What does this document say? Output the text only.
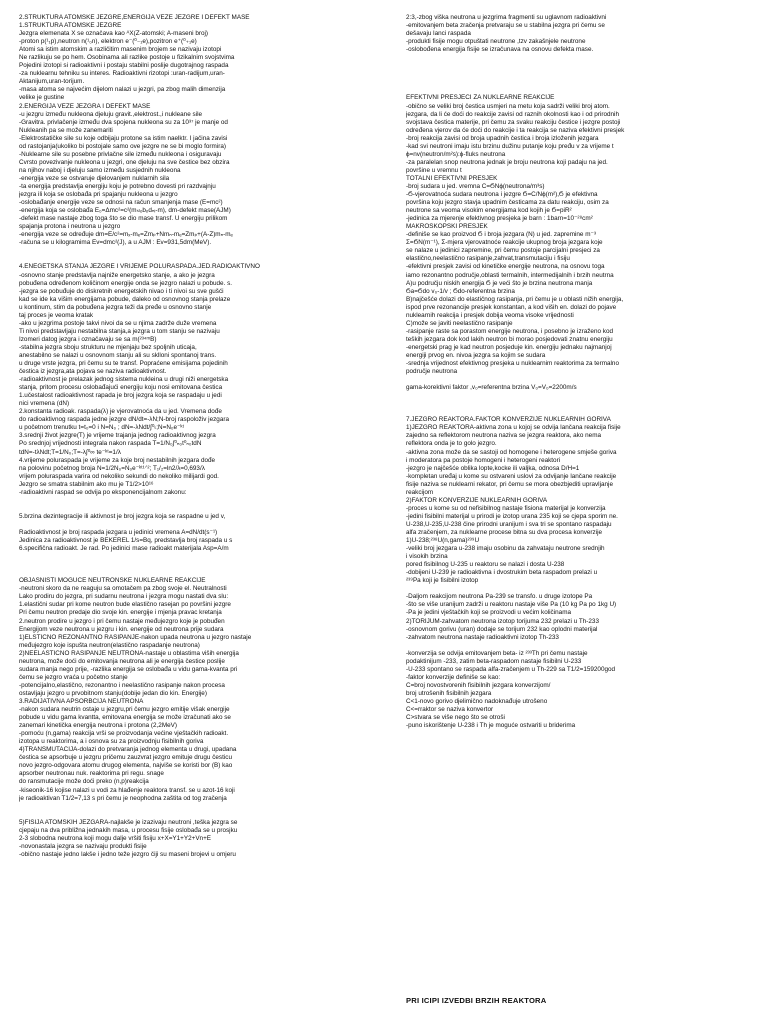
2.STRUKTURA ATOMSKE JEZGRE,ENERGIJA VEZE JEZGRE I DEFEKT MASE
1.STRUKTURA ATOMSKE JEZGRE
Jezgra elemenata X se označava kao ᴬX(Z-atomski; A-maseni broj)
-proton p(¹₁p),neutron n(¹₀n), elektron e⁻(⁰₋₁e),pozitron e⁺(⁰₊₁e)
Atomi sa istim atomskim a različitim masenim brojem se nazivaju izotopi
Ne razlikuju se po hem. Osobinama ali razlike postoje u fizikalnim svojstvima
Pojedini izotopi si radioaktivni i postaju stabilni poslije dugotrajnog raspada
-za nuklearnu tehniku su interes. Radioaktivni rizotopi :uran-radijum,uran-
Aktanijum,uran-torijum.
-masa atoma se najvećim dijelom nalazi u jezgri, pa zbog malih dimenzija
velike je gustine
2.ENERGIJA VEZE JEZGRA I DEFEKT MASE
-u jezgru između nukleona djeluju gravit.,elektrost.,i nukleane sile
-Gravitra. privlačenje između dva spojena nukleona su za 10³⁷ je manje od
Nukleanih pa se može zanemariti
-Elektrostatičke sile su koje odbijaju protone sa istim naelktr. I jačina zavisi
od rastojanja(ukoliko bi postojale samo ove jezgre ne se bi moglo formira)
-Nuklearne sile su posebne privlačne sile između nukleona i osiguravaju
Čvrsto povezivanje nukleona u jezgri, one djeluju na sve čestice bez obzira
na njihov naboj i djeluju samo između susjednih nukleona
-energija veze se ostvaruje djelovanjem nuklarnih sila
-ta energija predstavlja energiju koju je potrebno dovesti pri razdvajnju
jezgra ili koja se oslobađa pri spajanju nukleona u jezgro
-oslobađanje energije veze se odnosi na račun smanjenja mase (E=mc²)
-energija koja se oslobađa E₀=Δmc²=c²(mₛₗₒbₒdₙᵢ-m), dm-defekt mase(AJM)
-defekt mase nastaje zbog toga što se dio mase transf. U energiju prilikom
spajanja protona i neutrona u jezgro
-energija veze se određuje dm=E/c²=mₓ-mₑ=Zmₚ+Nmₙ-mₑ=Zmₚ+(A-Z)mₙ-mₑ
-računa se u kilogramima Ev=dmc²(J), a u AJM : Ev=931,5dm(MeV).
4.ENEGETSKA STANJA JEZGRE I VRIJEME POLURASPADA.JED.RADIOAKTIVNO
-osnovno stanje predstavlja najniže energetsko stanje, a ako je jezgra
pobuđena određenom količinom energije onda se jezgro nalazi u pobude. s.
-jezgra se pobuđuje do diskretnih energetskih nivao i ti nivoi su sve gušći
kad se ide ka višim energijama pobude, daleko od osnovnog stanja prelaze
u kontinum, stim da pobuđena jezgra teži da pređe u osnovno stanje
taj proces je veoma kratak
-ako u jezgrima postoje takvi nivoi da se u njima zadrže duže vremena
Ti nivoi predstavljaju nestabilna stanja,a jezgra u tom stanju se nazivaju
Izomeri datog jezgra i označavaju se sa m(²³⁴ᵐB)
-stabilna jezgra sboju strukturu ne mjenjaju bez spoljnih uticaja,
anestabilno se nalazi u osnovnom stanju ali su sklloni spontanoj trans.
u druge vrste jezgra, pri čemu su te transf. Popraćene emisijama pojedinih
čestica iz jezgra,ata pojava se naziva radioaktivnost.
-radioaktivnost je prelazak jednog sistema nukleina u drugi niži energetska
stanja, pritom procesu oslobađajući energiju koju nosi emitovana čestica
1.učestalost radioaktivnost rapada je broj jezgra koja se raspadaju u jedi
nici vremena (dN)
2.konstanta radioak. raspada(λ) je vjerovatnoća da u jed. Vremena dođe
do radioaktivnog raspada jedne jezgre dN/dt=-λN;N-broj raspoloživ jezgara
u početnom trenutku t=t₀=0 i N=N₀ ; dN=-λNdt/∫⁰ₜ;N=N₀e⁻ᵏᵗ
3.srednji život jezgre(T) je vrijeme trajanja jednog radioaktivnog jezgra
Po srednjoj vrijednosti integrala nakon raspada T=1/N₀∫⁰ₙ₀t⁰ₙ₀tdN
tdN=-tλNdt;T=1/N₀;T=-λ∫⁰∞ te⁻ᵏᵗ=1/λ
4.vrijeme poluraspada je vrijeme za koje broj nestabilnih jezgara dođe
na polovinu početnog broja N=1/2N₀=N₀e⁻ᵏᵗ¹ᐟ²; T₁/₂=ln2/λ=0,693/λ
vrijem poluraspada varira od nekoliko sekundi do nekoliko milijardi god.
Jezgro se smatra stabilnim ako mu je T1/2>10¹⁶
-radioaktivni raspad se odvija po eksponencijalnom zakonu:
5.brzina dezintegracije ili aktivnost je broj jezgra koja se raspadne u jed v,
Radioaktivnost je broj raspada jezgara u jedinici vremena A=dN/dt(s⁻¹)
Jedinica za radioaktivnost je BEKEREL 1/s=Bq, predstavlja broj raspada u s
6.specifična radioakt. Je rad. Po jedinici mase radioakt materijala Asp=A/m
OBJASNISTI MOGUĆE NEUTRONSKE NUKLEARNE REAKCIJE
-neutroni skoro da ne reaguju sa omotačem pa zbog svoje el. Neutralnosti
Lako prodiru do jezgra, pri sudarnu neutrona i jezgra mogu nastati dva slu:
1.elastični sudar pri kome neutron bude elastično rasejan po površini jezgre
Pri čemu neutron predaje dio svoje kin. energije i mjenja pravac kretanja
2.neutron prodire u jezgro i pri čemu nastaje međujezgro koje je pobuđen
Energijom veze neutrona u jezgru i kin. energije od neutrona prije sudara
1)ELSTIČNO REZONANTNO RASIPANJE-nakon upada neutrona u jezgro nastaje
međujezgro koje ispušta neutron(elastično raspadanje neutrona)
2)NEELASTIČNO RASIPANJE NEUTRONA-nastaje u oblastima viših energija
neutrona, može doći do emitovanja neutrona ali je energija čestice poslije
sudara manja nego prije, -razlika energija se oslobađa u vidu gama-kvanta pri
čemu se jezgro vraća u početno stanje
-potencijalno,elastično, rezonantno i neelastično rasipanje nakon procesa
ostavljaju jezgro u prvobitnom stanju(dobije jedan dio kin. Energije)
3.RADIJATIVNA APSORBCIJA NEUTRONA
-nakon sudara neutrin ostaje u jezgru,pri čemu jezgro emitije višak energije
pobude u vidu gama kvantta, emitovana energija se može izračunati ako se
zanemari kinetička energija neutrona i protona (2,2MeV)
-pomoću (n,gama) reakcija vrši se proizvodanja većine vještačkih radioakt.
izotopa u reaktorima, a i osnova su za proizvodnju fisibilnih goriva
4)TRANSMUTACIJA-dolazi do pretvaranja jednog elementa u drugi, upadana
čestica se apsorbuje u jezgru pričemu zauzvrat jezgro emituje drugu česticu
novo jezgro-odgovara atomu drugog elementa, najviše se koristi bor (B) kao
apsorber neutronau nuk. reaktorima pri regu. snage
do ransmutacije može doći preko (n,p)reakcija
-kiseonik-16 kojise nalazi u vodi za hlađenje reaktora transf. se u azot-16 koji
je radioaktivan T1/2=7,13 s pri čemu je neophodna zaštita od tog zračenja
5)FISIJA ATOMSKIH JEZGARA-najlakše je izazivaju neutroni ,teška jezgra se
cjepaju na dva približna jednakih masa, u procesu fisije oslobađa se u prosjku
2-3 slobodna neutrona koji mogu dalje vršiti fisiju x+X=Y1+Y2+Vn+E
-novonastala jezgra se nazivaju produkti fisije
-obično nastaje jedno lakše i jedno teže jezgro čiji su maseni brojevi u omjeru
2:3,-zbog viška neutrona u jezgrima fragmenti su uglavnom radioaktivni
-emitovanjem beta zračenja pretvaraju se u stabilna jezgra pri čemu se
dešavaju lanci raspada
-produkti fisije mogu otpuštati neutrone ,tzv zakašnjele neutrone
-oslobođena energija fisije se izračunava na osnovu defekta mase.
EFEKTIVNI PRESJECI ZA NUKLEARNE REAKCIJE
-obično se veliki broj čestica usmjeri na metu koja sadrži veliki broj atom.
jezgara, da li će doći do reakcije zavisi od raznih okolnosti kao i od prirodnih
svojstava čestica materije, pri čemu za svaku reakciju čestice i jezgre postoji
određena vjerov da će doći do reakcije i ta reakcija se naziva efektivni presjek
-broj reakcija zavisi od broja upadnih čestica i broja izloženih jezgara
-kad svi neutroni imaju istu brzinu dužinu putanje koju pređu v za vrijeme t
ϕ=nv(neutron/m²s):ϕ-fluks neutrona
-za paralelan snop neutrona jednak je broju neutrona koji padaju na jed.
površine u vremnu t
TOTALNI EFEKTIVNI PRESJEK
-broj sudara u jed. vremna C=ϬNϕ(neutrona/m³s)
-Ϭ-vjerovatnoća sudara neutrona i jezgre Ϭ=C/Nϕ(m²),Ϭ je efektivna
površina koju jezgro stavja upadnim česticama za datu reakciju, osim za
neutrone sa veoma visokim energijama kod kojih je Ϭ=piR²
-jedinica za mjerenje efektivnog presjeka je barn : 1barn=10⁻²⁸cm²
MAKROSKOPSKI PRESJEK
-definiše se kao proizvod Ϭ i broja jezgara (N) u jed. zapremine m⁻³
Ʃ=ϬN(m⁻¹), Ʃ-mjera vjerovatnoće reakcije ukupnog broja jezgara koje
se nalaze u jedinici zapremine, pri čemu postoje parcijalni presjeci za
elastično,neelastično rasipanje,zahvat,transmutaciju i fisiju
-efektivni presjek zavisi od kinetičke energije neutrona, na osnovu toga
iamo rezonantno područje,oblasti termalnih, intermedijalnih i brzih neutrna
A)u području niskih energija Ϭ je veći što je brzina neutrona manja
Ϭa=Ϭdo v₀-1/v ; Ϭdo-referentna brzina
B)najčešće dolazi do elastičnog rasipanja, pri čemu je u oblasti nižih energija,
ispod prve rezonancije presjek konstantan, a kod viših en. dolazi do pojave
nuklearnih reakcija i presjek dobija veoma visoke vrijednosti
C)može se javiti neelastično rasipanje
-rasipanje raste sa porastom energije neutrona, i posebno je izraženo kod
teških jezgara dok kod lakih neutron bi morao posjedovati znatnu energiju
-energetski prag je kad neutron posjeduje kin. energiju jednaku najmanjoj
energiji prvog en. nivoa jezgra sa kojim se sudara
-srednja vrijednost efektivnog presjeka u nuklearnim reaktorima za termalno
područje neutrona
gama-korektivni faktor ,v₀=referentna brzina V₀=V₀=2200m/s
7.JEZGRO REAKTORA.FAKTOR KONVERZIJE NUKLEARNIH GORIVA
1)JEZGRO REAKTORA-aktivna zona u kojoj se odvija lančana reakcija fisije
zajedno sa reflektorom neutrona naziva se jezgra reaktora, ako nema
reflektora onda je to golo jezgro.
-aktivna zona može da se sastoji od homogene i heterogene smješe goriva
i moderatora pa postoje homogeni i heterogeni reaktori
-jezgro je najčešće oblika lopte,kocke ili valjka, odnosa D/H=1
-kompletan uređaj u kome su ostvareni uslovi za odvijanje lančane reakcije
fisije naziva se nuklearni rekator, pri čemu se mora obezbjediti upravljanje
reakcijom
2)FAKTOR KONVERZIJE NUKLEARNIH GORIVA
-proces u kome su od nefisibilnog nastaje fisiona materijal je konverzija
-jedini fisibilni materijal u prirodi je izotop urana 235 koji se cjepa sporim ne.
U-238,U-235,U-238 čine prirodni uranijum i sva tri se spontano raspadaju
alfa zračenjem, za nuklearne procese bitna su dva procesa konverzije
1)U-238;²³⁸U(n,gama)²³⁹U
-veliki broj jezgara u-238 imaju osobinu da zahvataju neutrone srednjih
i visokih brzina
pored fisibilnog U-235 u reaktoru se nalazi i dosta U-238
-dobijeni U-239 je radioaktivna i dvostrukim beta raspadom prelazi u
²³⁹Pa koji je fisibilni izotop
-Daljom reakcijom neutrona Pa-239 se transfo. u druge izotope Pa
-što se više uranijum zadrži u reaktoru nastaje više Pa (10 kg Pa po 1kg U)
-Pa je jedini vještačkih koji se proizvodi u većim količinama
2)TORIJUM-zahvatom neutrona izotop torijuma 232 prelazi u Th-233
-osnovnom gorivu (uran) dodaje se torijum 232 kao oplodni materijal
-zahvatom neutrona nastaje radioaktivni izotop Th-233
-konverzija se odvija emitovanjem beta- iz ²³³Th pri čemu nastaje
podaktinijum -233, zatim beta-raspadom nastaje fisibilni U-233
-U-233 spontano se raspada alfa-zračenjem u Th-229 sa T1/2=159200god
-faktor konverzije definiše se kao:
C=broj novostvorenih fisibilnih jezgara konverzijom/
broj utrošenih fisibilnih jezgara
C<1-novo gorivo djelimično nadoknađuje utrošeno
C<=rraktor se naziva konvertor
C>stvara se više nego što se otroši
-puno iskorištenje U-238 i Th je moguće ostvariti u briderima
PRI ICIPI IZVEDBI BRZIH REAKTORA
